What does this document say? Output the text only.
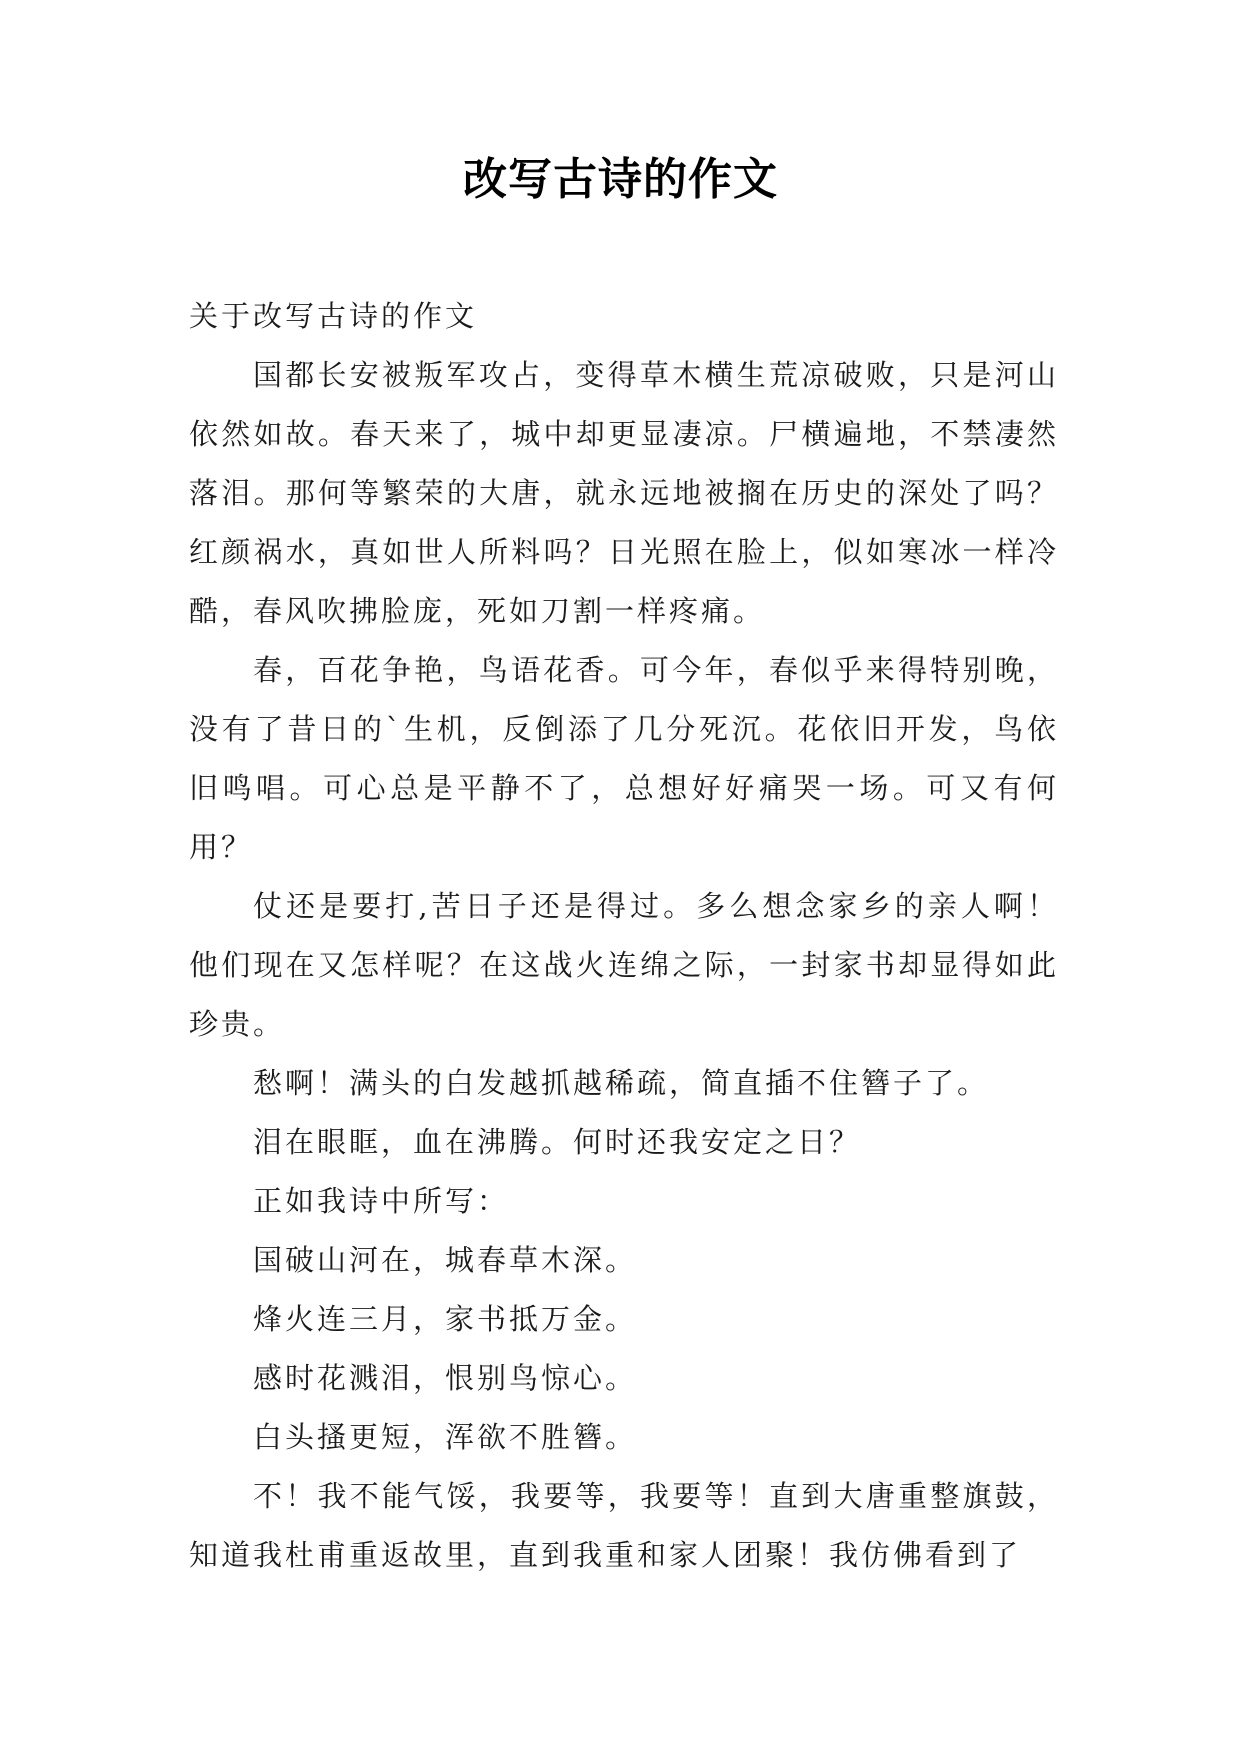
改写古诗的作文

关于改写古诗的作文

国都长安被叛军攻占，变得草木横生荒凉破败，只是河山依然如故。春天来了，城中却更显凄凉。尸横遍地，不禁凄然落泪。那何等繁荣的大唐，就永远地被搁在历史的深处了吗？红颜祸水，真如世人所料吗？日光照在脸上，似如寒冰一样冷酷，春风吹拂脸庞，死如刀割一样疼痛。

春，百花争艳，鸟语花香。可今年，春似乎来得特别晚，没有了昔日的`生机，反倒添了几分死沉。花依旧开发，鸟依旧鸣唱。可心总是平静不了，总想好好痛哭一场。可又有何用？

仗还是要打,苦日子还是得过。多么想念家乡的亲人啊！他们现在又怎样呢？在这战火连绵之际，一封家书却显得如此珍贵。

愁啊！满头的白发越抓越稀疏，简直插不住簪子了。

泪在眼眶，血在沸腾。何时还我安定之日？

正如我诗中所写：

国破山河在，城春草木深。

烽火连三月，家书抵万金。

感时花溅泪，恨别鸟惊心。

白头搔更短，浑欲不胜簪。

不！我不能气馁，我要等，我要等！直到大唐重整旗鼓，知道我杜甫重返故里，直到我重和家人团聚！我仿佛看到了
